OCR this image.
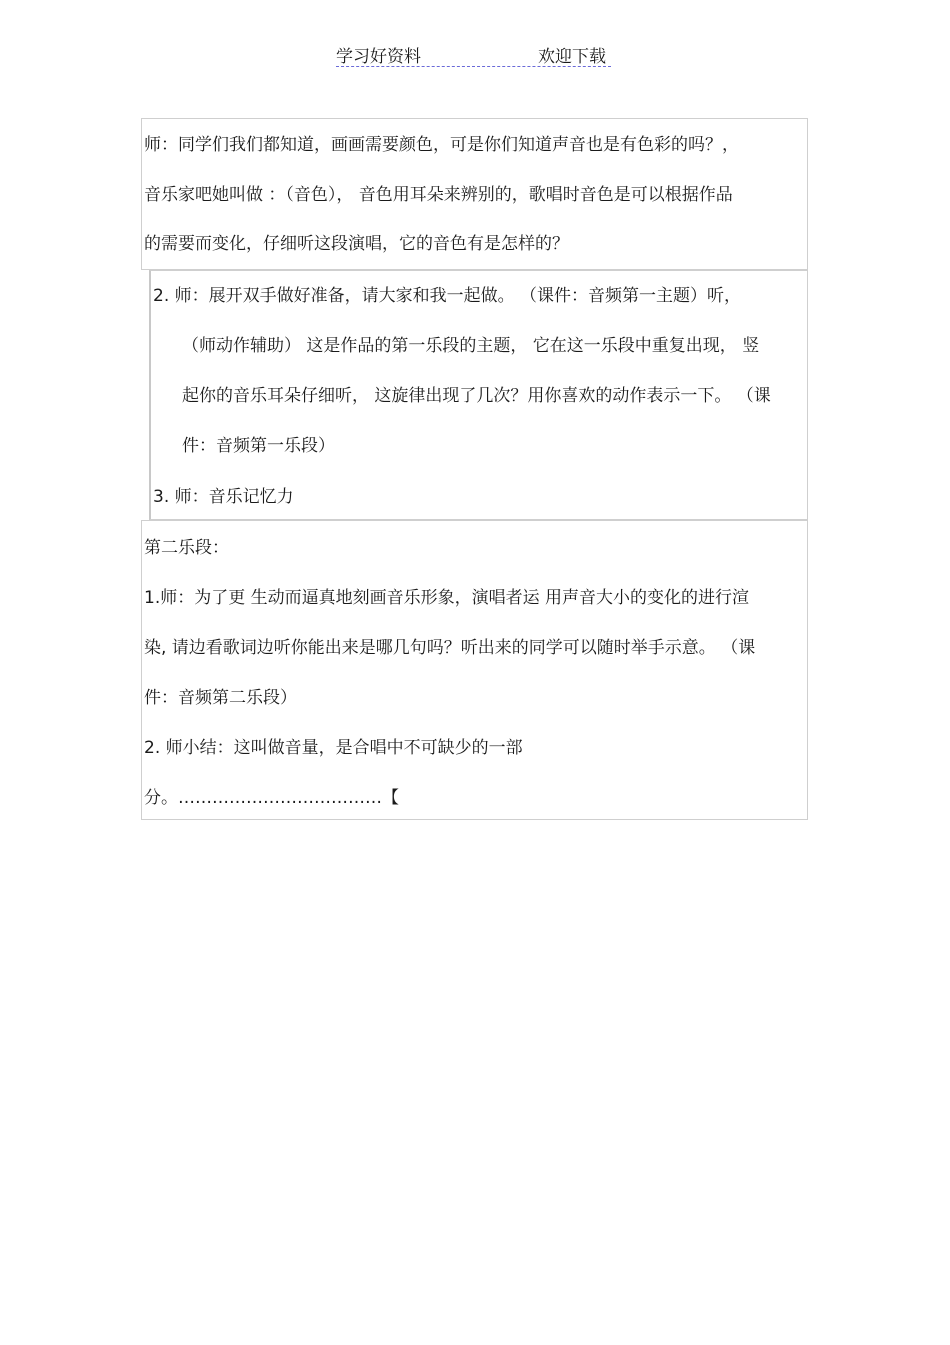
学习好资料	欢迎下载
师：同学们我们都知道，画画需要颜色，可是你们知道声音也是有色彩的吗？，
音乐家吧她叫做 ：（音色）， 音色用耳朵来辨别的，歌唱时音色是可以根据作品
的需要而变化，仔细听这段演唱，它的音色有是怎样的？
2. 师：展开双手做好准备，请大家和我一起做。 （课件：音频第一主题）听，
（师动作辅助） 这是作品的第一乐段的主题， 它在这一乐段中重复出现， 竖
起你的音乐耳朵仔细听， 这旋律出现了几次？用你喜欢的动作表示一下。 （课
件：音频第一乐段）
3. 师：音乐记忆力
第二乐段：
1.师：为了更 生动而逼真地刻画音乐形象，演唱者运 用声音大小的变化的进行渲
染, 请边看歌词边听你能出来是哪几句吗？听出来的同学可以随时举手示意。 （课
件：音频第二乐段）
2. 师小结：这叫做音量，是合唱中不可缺少的一部
分。………………………………【
